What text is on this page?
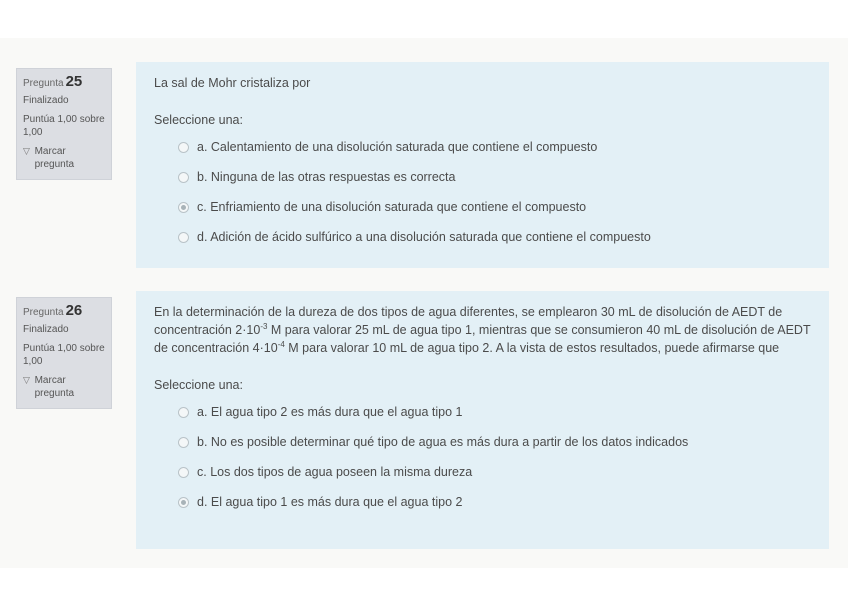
Pregunta 25
Finalizado
Puntúa 1,00 sobre 1,00
▽ Marcar pregunta

La sal de Mohr cristaliza por

Seleccione una:
a. Calentamiento de una disolución saturada que contiene el compuesto
b. Ninguna de las otras respuestas es correcta
c. Enfriamiento de una disolución saturada que contiene el compuesto
d. Adición de ácido sulfúrico a una disolución saturada que contiene el compuesto
Pregunta 26
Finalizado
Puntúa 1,00 sobre 1,00
▽ Marcar pregunta

En la determinación de la dureza de dos tipos de agua diferentes, se emplearon 30 mL de disolución de AEDT de concentración $2\cdot 10^{-3}$ M para valorar 25 mL de agua tipo 1, mientras que se consumieron 40 mL de disolución de AEDT de concentración $4\cdot 10^{-4}$ M para valorar 10 mL de agua tipo 2. A la vista de estos resultados, puede afirmarse que

Seleccione una:
a. El agua tipo 2 es más dura que el agua tipo 1
b. No es posible determinar qué tipo de agua es más dura a partir de los datos indicados
c. Los dos tipos de agua poseen la misma dureza
d. El agua tipo 1 es más dura que el agua tipo 2
